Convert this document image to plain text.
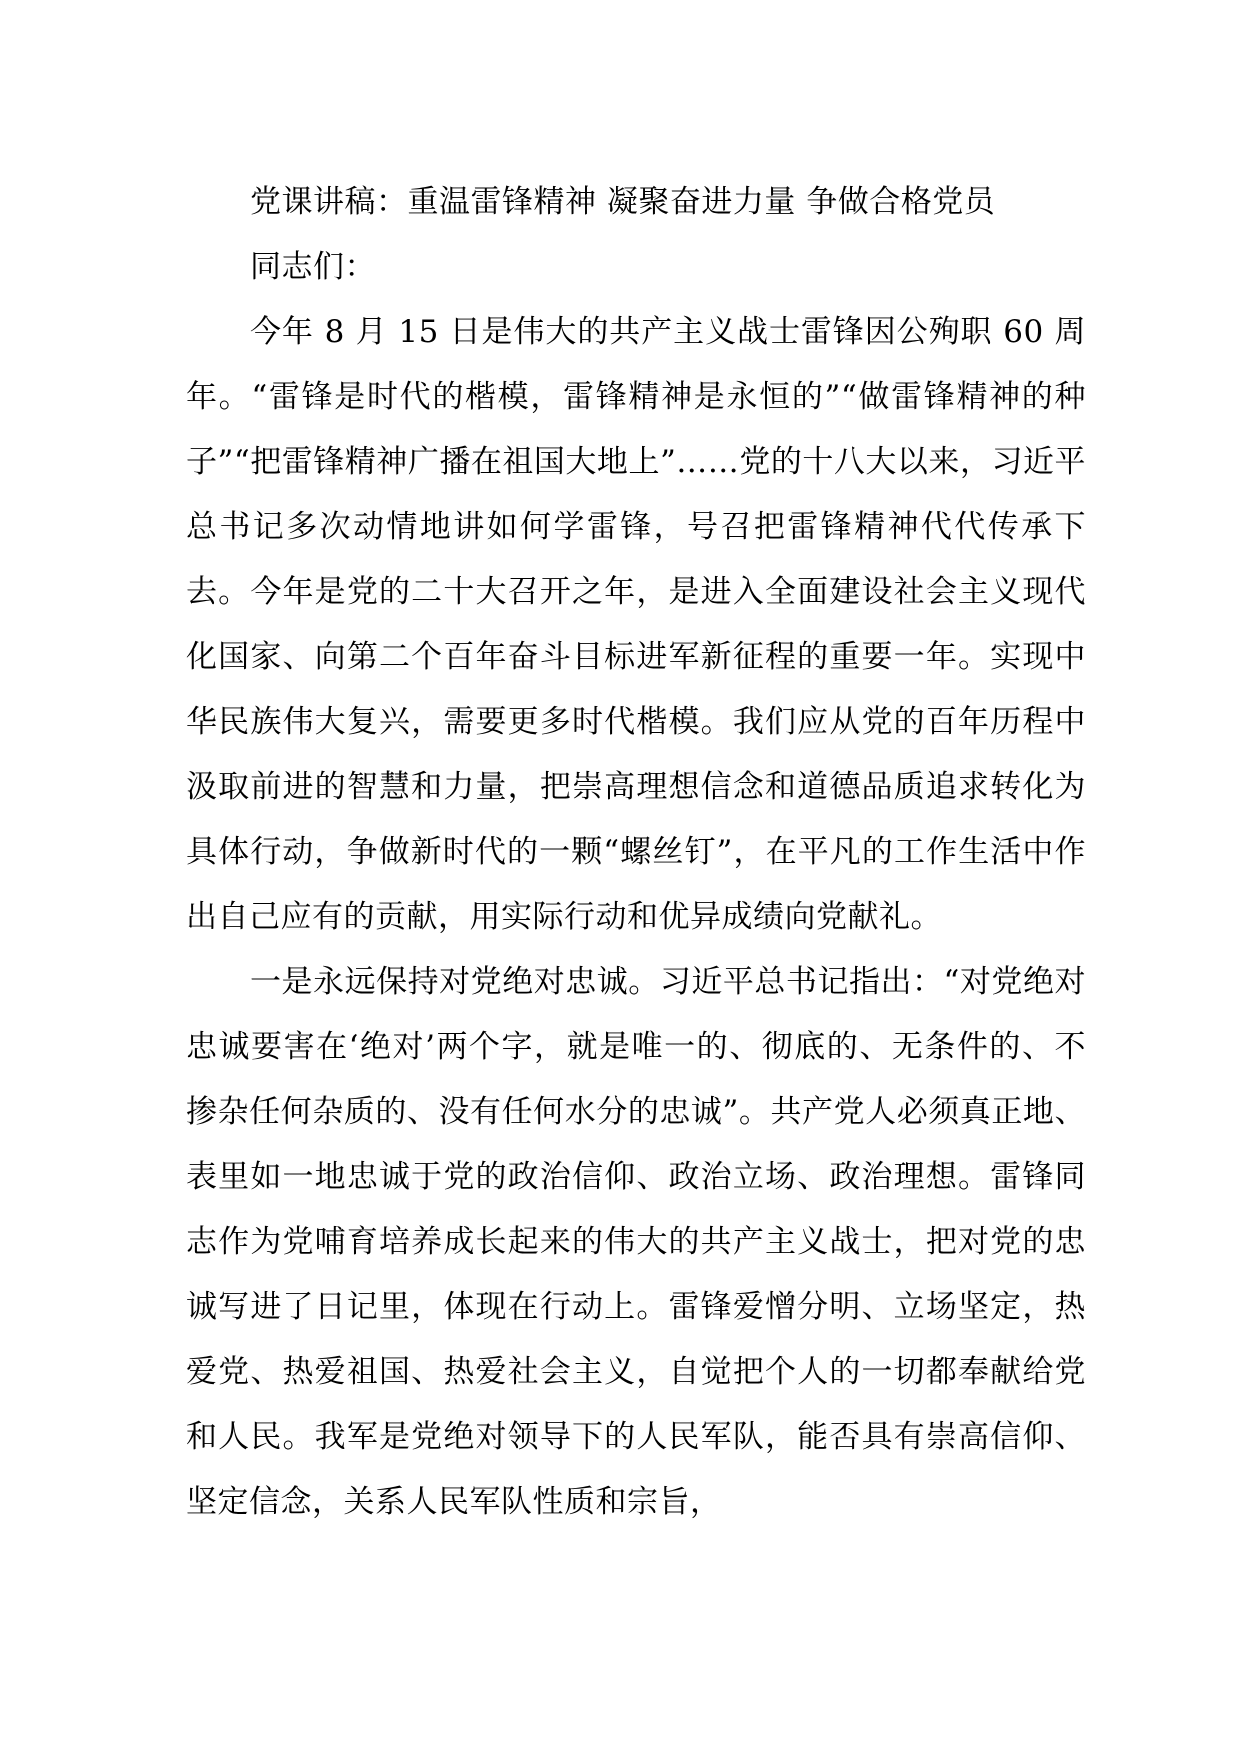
党课讲稿：重温雷锋精神 凝聚奋进力量 争做合格党员

同志们：

今年 8 月 15 日是伟大的共产主义战士雷锋因公殉职 60 周年。“雷锋是时代的楷模，雷锋精神是永恒的”“做雷锋精神的种子”“把雷锋精神广播在祖国大地上”……党的十八大以来，习近平总书记多次动情地讲如何学雷锋，号召把雷锋精神代代传承下去。今年是党的二十大召开之年，是进入全面建设社会主义现代化国家、向第二个百年奋斗目标进军新征程的重要一年。实现中华民族伟大复兴，需要更多时代楷模。我们应从党的百年历程中汲取前进的智慧和力量，把崇高理想信念和道德品质追求转化为具体行动，争做新时代的一颗“螺丝钉”，在平凡的工作生活中作出自己应有的贡献，用实际行动和优异成绩向党献礼。

一是永远保持对党绝对忠诚。习近平总书记指出：“对党绝对忠诚要害在‘绝对’两个字，就是唯一的、彻底的、无条件的、不掺杂任何杂质的、没有任何水分的忠诚”。共产党人必须真正地、表里如一地忠诚于党的政治信仰、政治立场、政治理想。雷锋同志作为党哺育培养成长起来的伟大的共产主义战士，把对党的忠诚写进了日记里，体现在行动上。雷锋爱憎分明、立场坚定，热爱党、热爱祖国、热爱社会主义，自觉把个人的一切都奉献给党和人民。我军是党绝对领导下的人民军队，能否具有崇高信仰、坚定信念，关系人民军队性质和宗旨，
